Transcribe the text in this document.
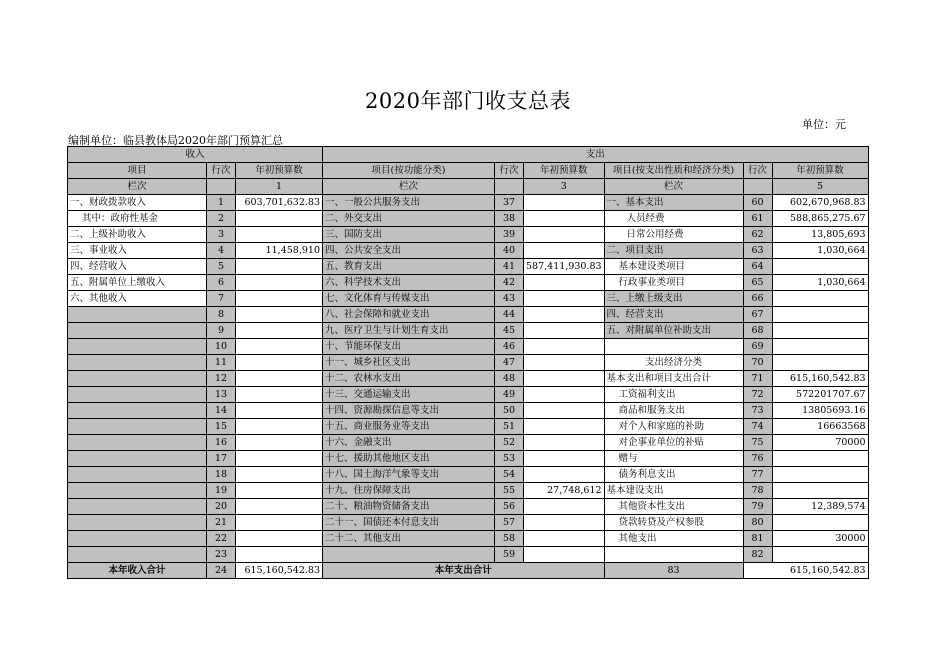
2020年部门收支总表
单位：元
编制单位：临县教体局2020年部门预算汇总
收入			支出					
项目	行次	年初预算数	项目(按功能分类)	行次	年初预算数	项目(按支出性质和经济分类)	行次	年初预算数
栏次		1	栏次		3	栏次		5
一、财政拨款收入	1	603,701,632.83	一、一般公共服务支出	37		一、基本支出	60	602,670,968.83
其中：政府性基金	2		二、外交支出	38		人员经费	61	588,865,275.67
二、上级补助收入	3		三、国防支出	39		日常公用经费	62	13,805,693
三、事业收入	4	11,458,910	四、公共安全支出	40		二、项目支出	63	1,030,664
四、经营收入	5		五、教育支出	41	587,411,930.83	基本建设类项目	64	
五、附属单位上缴收入	6		六、科学技术支出	42		行政事业类项目	65	1,030,664
六、其他收入	7		七、文化体育与传媒支出	43		三、上缴上级支出	66	
	8		八、社会保障和就业支出	44		四、经营支出	67	
	9		九、医疗卫生与计划生育支出	45		五、对附属单位补助支出	68	
	10		十、节能环保支出	46			69	
	11		十一、城乡社区支出	47		支出经济分类	70	
	12		十二、农林水支出	48		基本支出和项目支出合计	71	615,160,542.83
	13		十三、交通运输支出	49		工资福利支出	72	572201707.67
	14		十四、资源勘探信息等支出	50		商品和服务支出	73	13805693.16
	15		十五、商业服务业等支出	51		对个人和家庭的补助	74	16663568
	16		十六、金融支出	52		对企事业单位的补贴	75	70000
	17		十七、援助其他地区支出	53		赠与	76	
	18		十八、国土海洋气象等支出	54		债务利息支出	77	
	19		十九、住房保障支出	55	27,748,612	基本建设支出	78	
	20		二十、粮油物资储备支出	56		其他资本性支出	79	12,389,574
	21		二十一、国债还本付息支出	57		贷款转贷及产权参股	80	
	22		二十二、其他支出	58		其他支出	81	30000
	23			59			82	
本年收入合计	24	615,160,542.83	本年支出合计			83	615,160,542.83	
